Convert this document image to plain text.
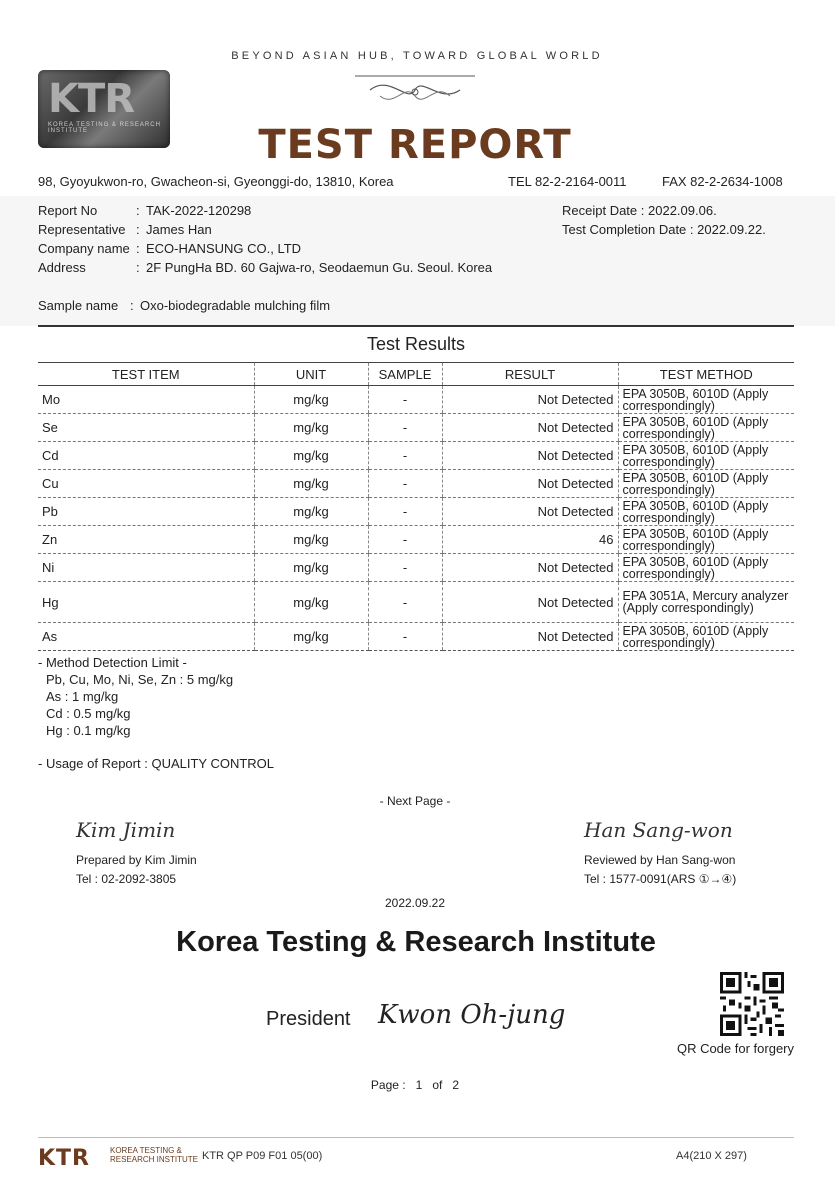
BEYOND ASIAN HUB, TOWARD GLOBAL WORLD
KTR
KOREA TESTING & RESEARCH INSTITUTE	TEST REPORT
98, Gyoyukwon-ro, Gwacheon-si, Gyeonggi-do, 13810, Korea	TEL 82-2-2164-0011	FAX 82-2-2634-1008
Report No	: TAK-2022-120298
Representative : James Han
Company name : ECO-HANSUNG CO., LTD
Address	: 2F PungHa BD. 60 Gajwa-ro, Seodaemun Gu. Seoul. Korea
Receipt Date : 2022.09.06.
Test Completion Date : 2022.09.22.
Sample name : Oxo-biodegradable mulching film
Test Results
TEST ITEM	UNIT	SAMPLE	RESULT	TEST METHOD
Mo	mg/kg	-	Not Detected	EPA 3050B, 6010D (Apply correspondingly)
Se	mg/kg	-	Not Detected	EPA 3050B, 6010D (Apply correspondingly)
Cd	mg/kg	-	Not Detected	EPA 3050B, 6010D (Apply correspondingly)
Cu	mg/kg	-	Not Detected	EPA 3050B, 6010D (Apply correspondingly)
Pb	mg/kg	-	Not Detected	EPA 3050B, 6010D (Apply correspondingly)
Zn	mg/kg	-	46	EPA 3050B, 6010D (Apply correspondingly)
Ni	mg/kg	-	Not Detected	EPA 3050B, 6010D (Apply correspondingly)
Hg	mg/kg	-	Not Detected	EPA 3051A, Mercury analyzer (Apply correspondingly)
As	mg/kg	-	Not Detected	EPA 3050B, 6010D (Apply correspondingly)
- Method Detection Limit -
Pb, Cu, Mo, Ni, Se, Zn : 5 mg/kg
As : 1 mg/kg
Cd : 0.5 mg/kg
Hg : 0.1 mg/kg
- Usage of Report : QUALITY CONTROL
- Next Page -
Kim Jimin
Prepared by Kim Jimin
Tel : 02-2092-3805
Han Sang-won
Reviewed by Han Sang-won
Tel : 1577-0091(ARS ①→④)
2022.09.22
Korea Testing & Research Institute
President Kwon Oh-jung
QR Code for forgery
Page : 1 of 2
KTR	KOREA TESTING & RESEARCH INSTITUTE KTR QP P09 F01 05(00)	A4(210 X 297)
